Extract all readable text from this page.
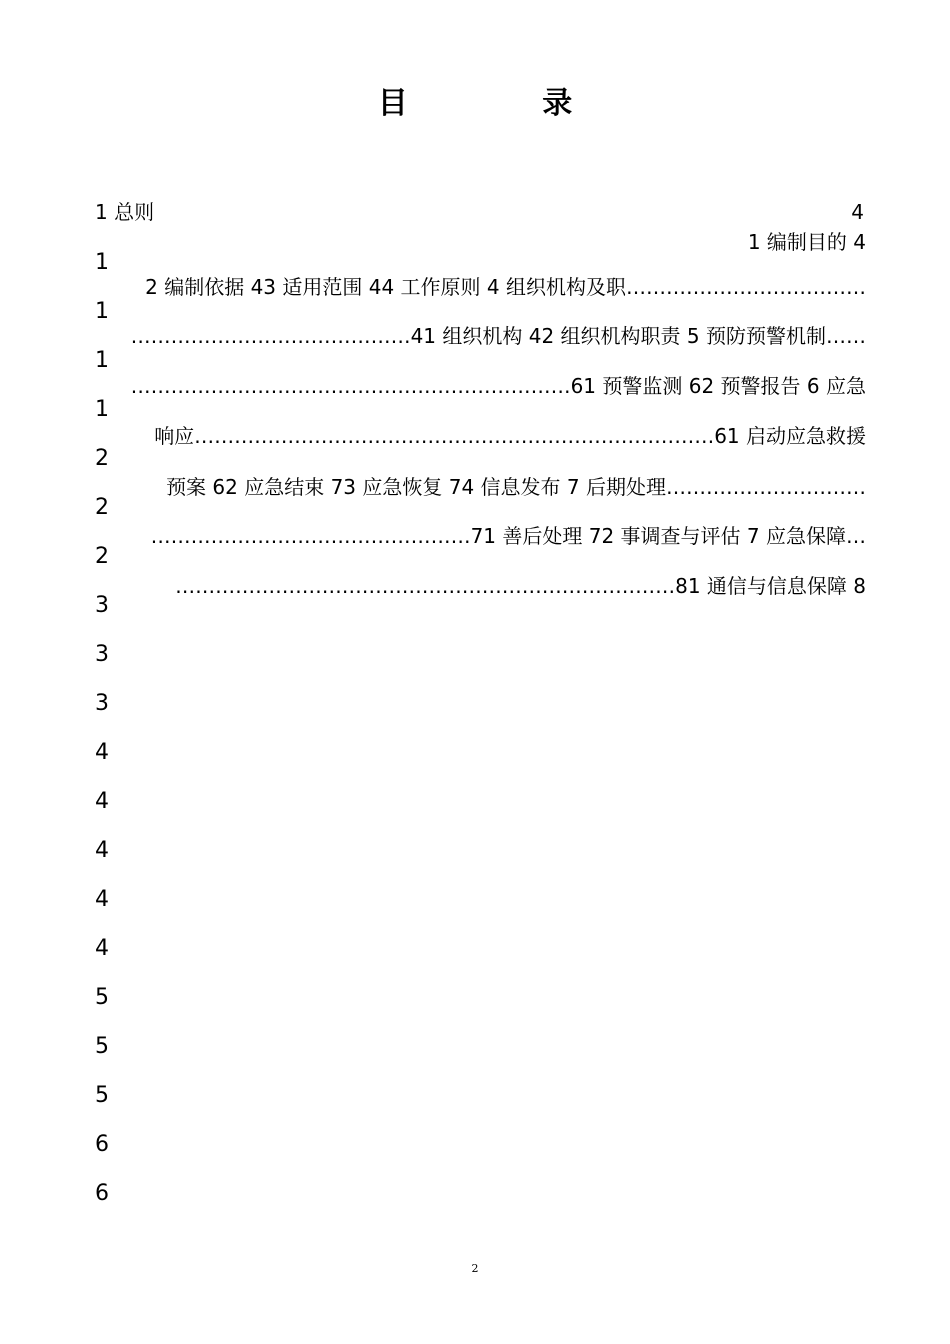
目 录
1 总则	4
1 编制目的 4
2 编制依据 43 适用范围 44 工作原则 4 组织机构及职………………………………
……………………………………41 组织机构 42 组织机构职责 5 预防预警机制……
…………………………………………………………61 预警监测 62 预警报告 6 应急
响应……………………………………………………………………61 启动应急救援
预案 62 应急结束 73 应急恢复 74 信息发布 7 后期处理…………………………
…………………………………………71 善后处理 72 事调查与评估 7 应急保障…
…………………………………………………………………81 通信与信息保障 8
1
1
1
1
2
2
2
3
3
3
4
4
4
4
4
5
5
5
6
6
2
